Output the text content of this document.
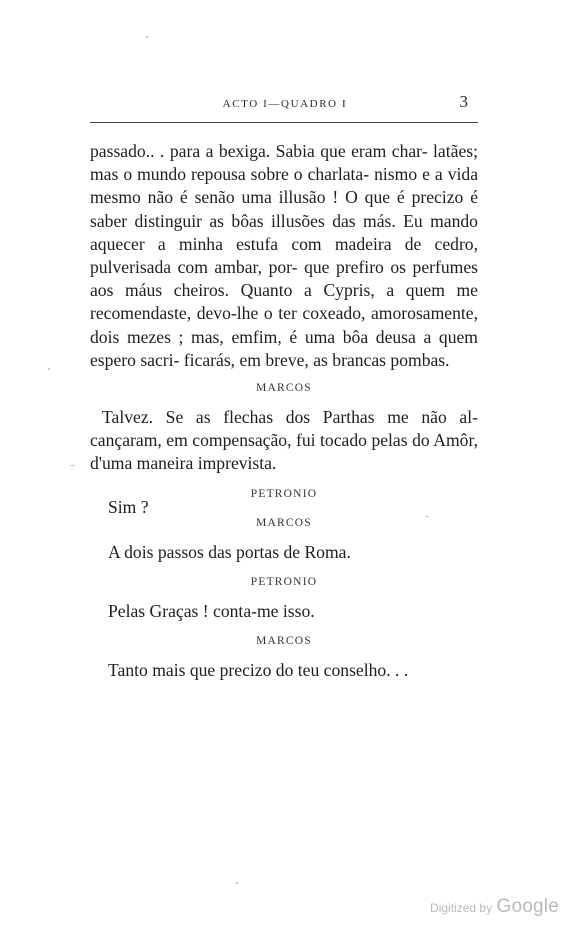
ACTO I—QUADRO I	3

passado.. . para a bexiga. Sabia que eram char- latães; mas o mundo repousa sobre o charlata- nismo e a vida mesmo não é senão uma illusão ! O que é precizo é saber distinguir as bôas illusões das más. Eu mando aquecer a minha estufa com madeira de cedro, pulverisada com ambar, por- que prefiro os perfumes aos máus cheiros. Quanto a Cypris, a quem me recomendaste, devo-lhe o ter coxeado, amorosamente, dois mezes ; mas, emfim, é uma bôa deusa a quem espero sacri- ficarás, em breve, as brancas pombas.

MARCOS

Talvez. Se as flechas dos Parthas me não al- cançaram, em compensação, fui tocado pelas do Amôr, d'uma maneira imprevista.

PETRONIO

Sim ?

MARCOS

A dois passos das portas de Roma.

PETRONIO

Pelas Graças ! conta-me isso.

MARCOS

Tanto mais que precizo do teu conselho. . .

Digitized by Google
